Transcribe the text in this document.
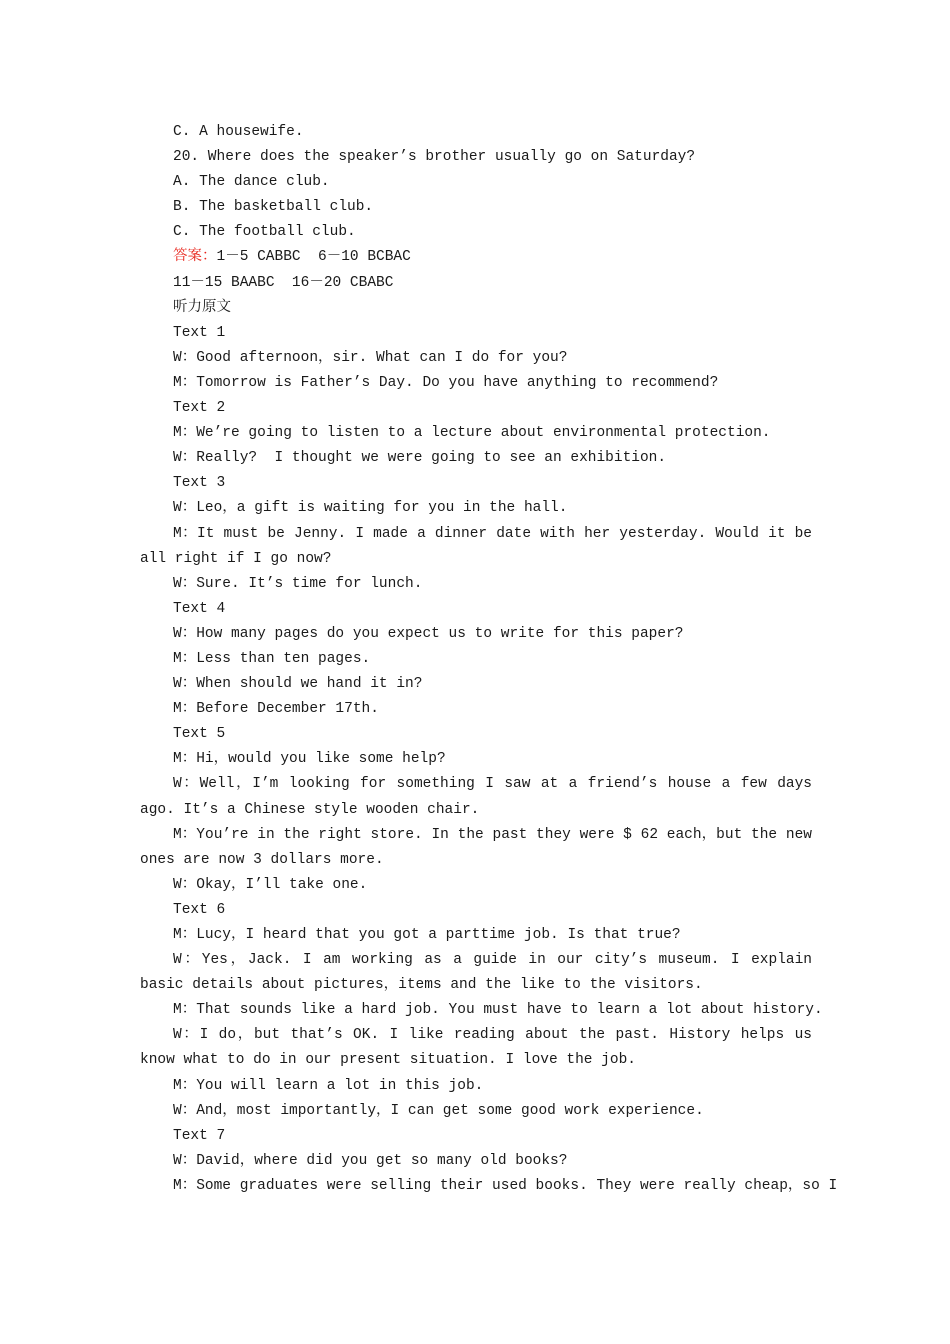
C. A housewife.
20. Where does the speaker’s brother usually go on Saturday?
A. The dance club.
B. The basketball club.
C. The football club.
答案：1－5 CABBC  6－10 BCBAC
11－15 BAABC  16－20 CBABC
听力原文
Text 1
W：Good afternoon，sir. What can I do for you?
M：Tomorrow is Father’s Day. Do you have anything to recommend?
Text 2
M：We’re going to listen to a lecture about environmental protection.
W：Really?  I thought we were going to see an exhibition.
Text 3
W：Leo，a gift is waiting for you in the hall.
M：It must be Jenny. I made a dinner date with her yesterday. Would it be all right if I go now?
W：Sure. It’s time for lunch.
Text 4
W：How many pages do you expect us to write for this paper?
M：Less than ten pages.
W：When should we hand it in?
M：Before December 17th.
Text 5
M：Hi，would you like some help?
W：Well，I’m looking for something I saw at a friend’s house a few days ago. It’s a Chinese style wooden chair.
M：You’re in the right store. In the past they were $ 62 each，but the new ones are now 3 dollars more.
W：Okay，I’ll take one.
Text 6
M：Lucy，I heard that you got a parttime job. Is that true?
W：Yes，Jack. I am working as a guide in our city’s museum. I explain basic details about pictures，items and the like to the visitors.
M：That sounds like a hard job. You must have to learn a lot about history.
W：I do，but that’s OK. I like reading about the past. History helps us know what to do in our present situation. I love the job.
M：You will learn a lot in this job.
W：And，most importantly，I can get some good work experience.
Text 7
W：David，where did you get so many old books?
M：Some graduates were selling their used books. They were really cheap，so I
